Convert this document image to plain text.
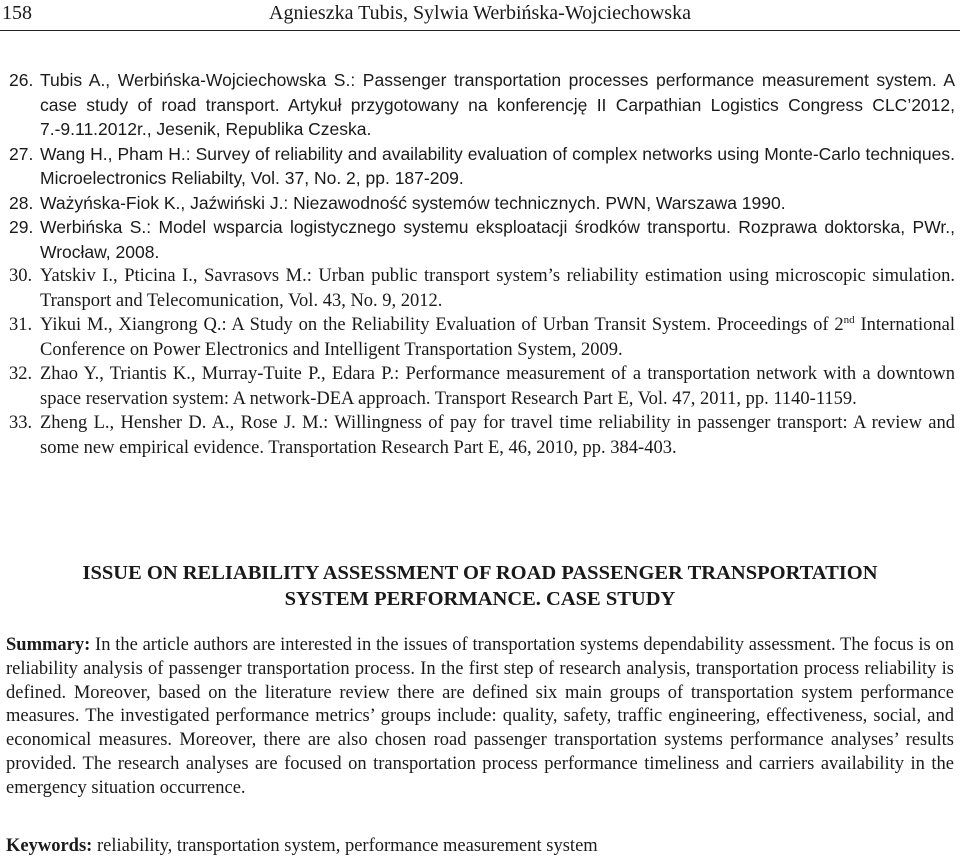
158	Agnieszka Tubis, Sylwia Werbińska-Wojciechowska
26. Tubis A., Werbińska-Wojciechowska S.: Passenger transportation processes performance measurement system. A case study of road transport. Artykuł przygotowany na konferencję II Carpathian Logistics Congress CLC’2012, 7.-9.11.2012r., Jesenik, Republika Czeska.
27. Wang H., Pham H.: Survey of reliability and availability evaluation of complex networks using Monte-Carlo techniques. Microelectronics Reliabilty, Vol. 37, No. 2, pp. 187-209.
28. Ważyńska-Fiok K., Jaźwiński J.: Niezawodność systemów technicznych. PWN, Warszawa 1990.
29. Werbińska S.: Model wsparcia logistycznego systemu eksploatacji środków transportu. Rozprawa doktorska, PWr., Wrocław, 2008.
30. Yatskiv I., Pticina I., Savrasovs M.: Urban public transport system’s reliability estimation using microscopic simulation. Transport and Telecomunication, Vol. 43, No. 9, 2012.
31. Yikui M., Xiangrong Q.: A Study on the Reliability Evaluation of Urban Transit System. Proceedings of 2nd International Conference on Power Electronics and Intelligent Transportation System, 2009.
32. Zhao Y., Triantis K., Murray-Tuite P., Edara P.: Performance measurement of a transportation network with a downtown space reservation system: A network-DEA approach. Transport Research Part E, Vol. 47, 2011, pp. 1140-1159.
33. Zheng L., Hensher D. A., Rose J. M.: Willingness of pay for travel time reliability in passenger transport: A review and some new empirical evidence. Transportation Research Part E, 46, 2010, pp. 384-403.
ISSUE ON RELIABILITY ASSESSMENT OF ROAD PASSENGER TRANSPORTATION
SYSTEM PERFORMANCE. CASE STUDY

Summary: In the article authors are interested in the issues of transportation systems dependability assessment. The focus is on reliability analysis of passenger transportation process. In the first step of research analysis, transportation process reliability is defined. Moreover, based on the literature review there are defined six main groups of transportation system performance measures. The investigated performance metrics’ groups include: quality, safety, traffic engineering, effectiveness, social, and economical measures. Moreover, there are also chosen road passenger transportation systems performance analyses’ results provided. The research analyses are focused on transportation process performance timeliness and carriers availability in the emergency situation occurrence.

Keywords: reliability, transportation system, performance measurement system
